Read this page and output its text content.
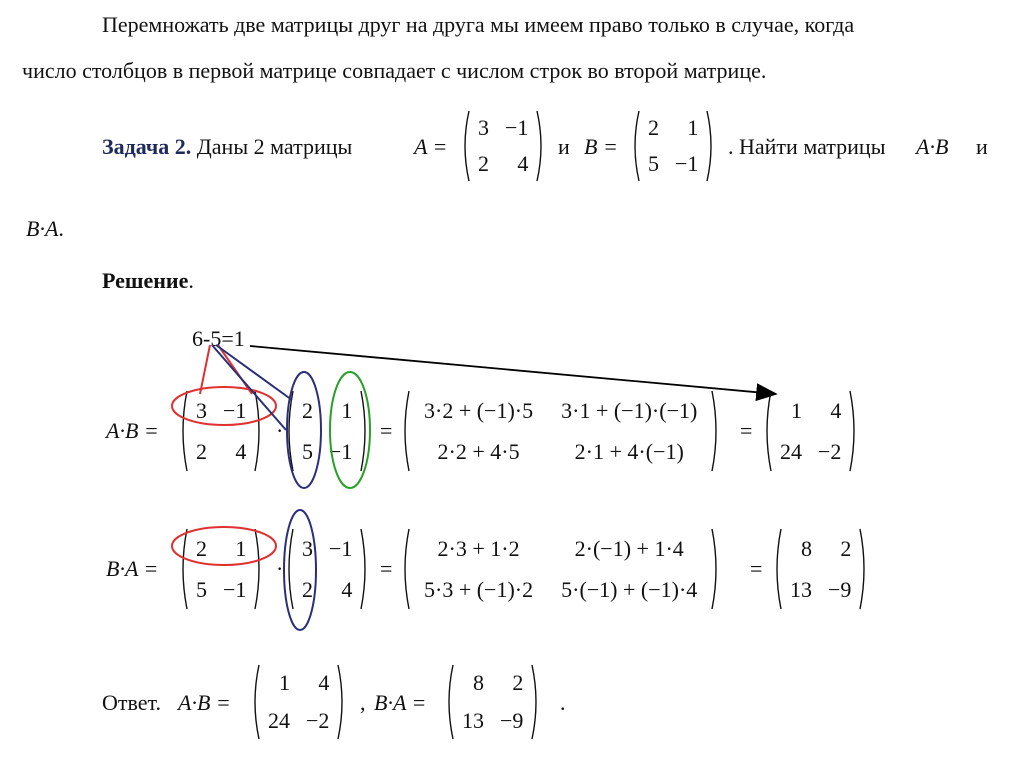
Перемножать две матрицы друг на друга мы имеем право только в случае, когда
число столбцов в первой матрице совпадает с числом строк во второй матрице.
Задача 2. Даны 2 матрицы	A =
3	−1
2	4
и B =
2	1
5	−1
. Найти матрицы A·B и
B·A.
Решение.
6-5=1
A·B =
3	−1
2	4
·
2	1
5	−1
=
3·2 + (−1)·5	3·1 + (−1)·(−1)
2·2 + 4·5	2·1 + 4·(−1)
=
1	4
24	−2
B·A =
2	1
5	−1
·
3	−1
2	4
=
2·3 + 1·2	2·(−1) + 1·4
5·3 + (−1)·2	5·(−1) + (−1)·4
=
8	2
13	−9
Ответ. A·B =
1	4
24	−2
, B·A =
8	2
13	−9
.
